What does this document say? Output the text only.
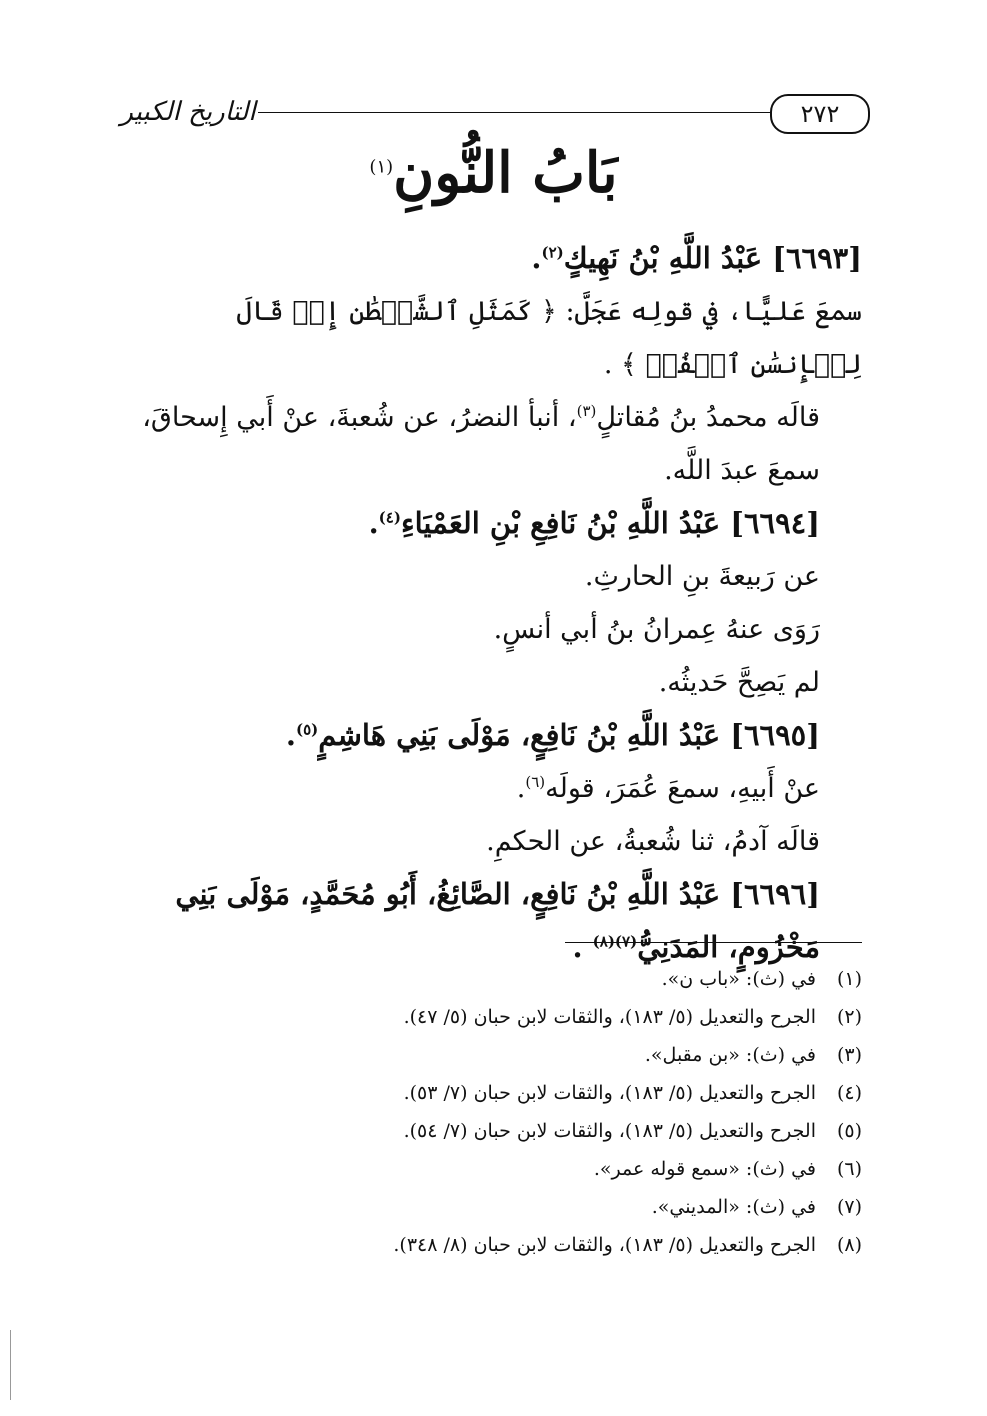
٢٧٢
التاريخ الكبير
بَابُ النُّونِ$^{(١)}$

[٦٦٩٣] عَبْدُ اللَّهِ بْنُ نَهِيكٍ$^{(٢)}$.

سمعَ عَليًّا، في قولِه عَجَلَّ: ﴿ كَمَثَلِ ٱلشَّيۡطَٰنِ إِذۡ قَالَ لِلۡإِنسَٰنِ ٱكۡفُرۡ ﴾ .

قالَه محمدُ بنُ مُقاتلٍ$^{(٣)}$، أنبأ النضرُ، عن شُعبةَ، عنْ أَبي إِسحاقَ، سمعَ عبدَ اللَّه.

[٦٦٩٤] عَبْدُ اللَّهِ بْنُ نَافِعِ بْنِ العَمْيَاءِ$^{(٤)}$.

عن رَبيعةَ بنِ الحارثِ.

رَوَى عنهُ عِمرانُ بنُ أبي أنسٍ.

لم يَصِحَّ حَديثُه.

[٦٦٩٥] عَبْدُ اللَّهِ بْنُ نَافِعٍ، مَوْلَى بَنِي هَاشِمٍ$^{(٥)}$.

عنْ أَبيهِ، سمعَ عُمَرَ، قولَه$^{(٦)}$.

قالَه آدمُ، ثنا شُعبةُ، عن الحكمِ.

[٦٦٩٦] عَبْدُ اللَّهِ بْنُ نَافِعٍ، الصَّائِغُ، أَبُو مُحَمَّدٍ، مَوْلَى بَنِي مَخْزُومٍ، المَدَنِيُّ$^{(٧)(٨)}$ .

(١)في (ث): «باب ن».

(٢)الجرح والتعديل (٥/ ١٨٣)، والثقات لابن حبان (٥/ ٤٧).

(٣)في (ث): «بن مقبل».

(٤)الجرح والتعديل (٥/ ١٨٣)، والثقات لابن حبان (٧/ ٥٣).

(٥)الجرح والتعديل (٥/ ١٨٣)، والثقات لابن حبان (٧/ ٥٤).

(٦)في (ث): «سمع قوله عمر».

(٧)في (ث): «المديني».

(٨)الجرح والتعديل (٥/ ١٨٣)، والثقات لابن حبان (٨/ ٣٤٨).
